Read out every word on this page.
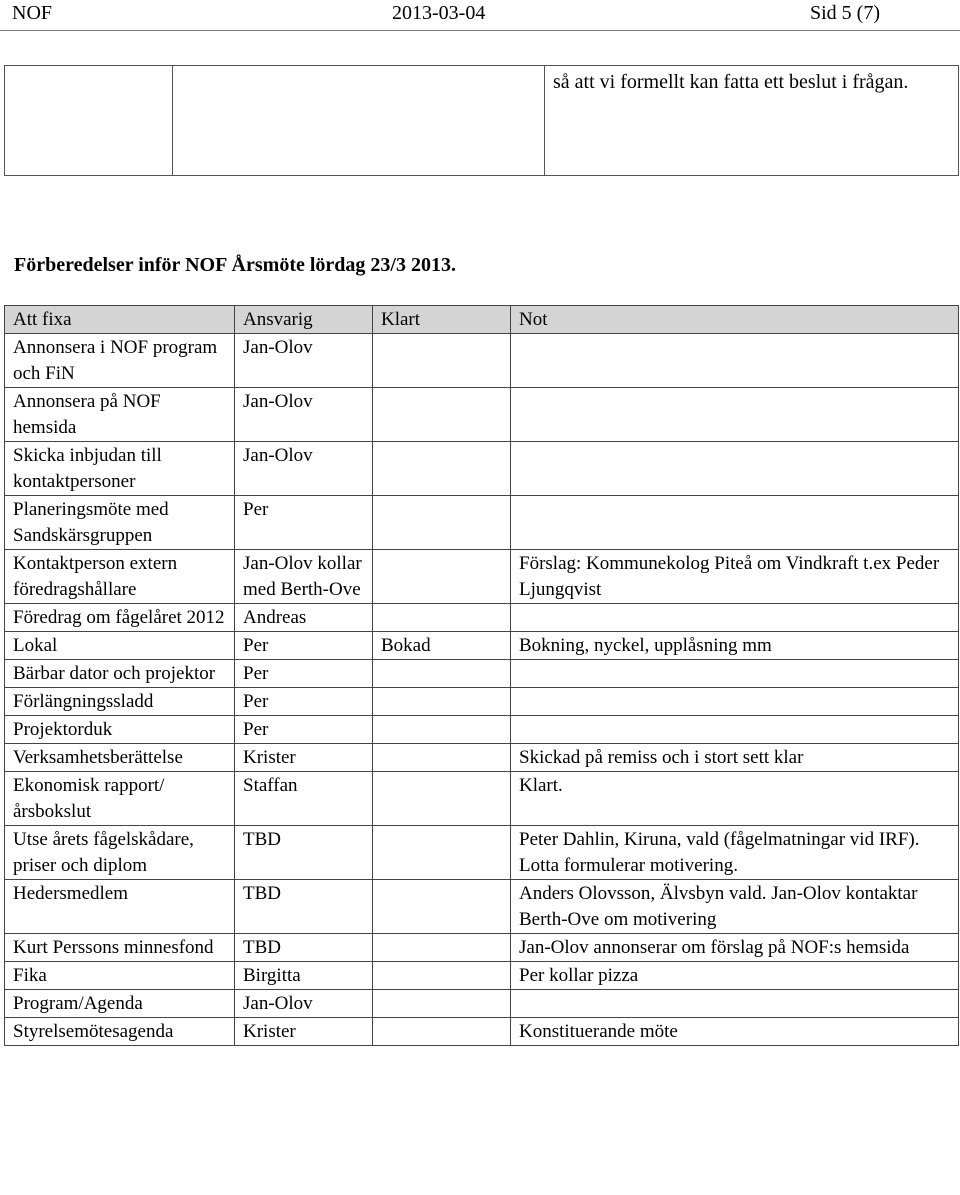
NOF	2013-03-04	Sid 5 (7)

så att vi formellt kan fatta ett beslut i frågan.
Förberedelser inför NOF Årsmöte lördag 23/3 2013.
Att fixa	Ansvarig	Klart	Not
Annonsera i NOF program och FiN	Jan-Olov		
Annonsera på NOF hemsida	Jan-Olov		
Skicka inbjudan till kontaktpersoner	Jan-Olov		
Planeringsmöte med Sandskärsgruppen	Per		
Kontaktperson extern föredragshållare	Jan-Olov kollar med Berth-Ove		Förslag: Kommunekolog Piteå om Vindkraft t.ex Peder Ljungqvist
Föredrag om fågelåret 2012	Andreas		
Lokal	Per	Bokad	Bokning, nyckel, upplåsning mm
Bärbar dator och projektor	Per		
Förlängningssladd	Per		
Projektorduk	Per		
Verksamhetsberättelse	Krister		Skickad på remiss och i stort sett klar
Ekonomisk rapport/årsbokslut	Staffan		Klart.
Utse årets fågelskådare, priser och diplom	TBD		Peter Dahlin, Kiruna, vald (fågelmatningar vid IRF). Lotta formulerar motivering.
Hedersmedlem	TBD		Anders Olovsson, Älvsbyn vald. Jan-Olov kontaktar Berth-Ove om motivering
Kurt Perssons minnesfond	TBD		Jan-Olov annonserar om förslag på NOF:s hemsida
Fika	Birgitta		Per kollar pizza
Program/Agenda	Jan-Olov		
Styrelsemötesagenda	Krister		Konstituerande möte
